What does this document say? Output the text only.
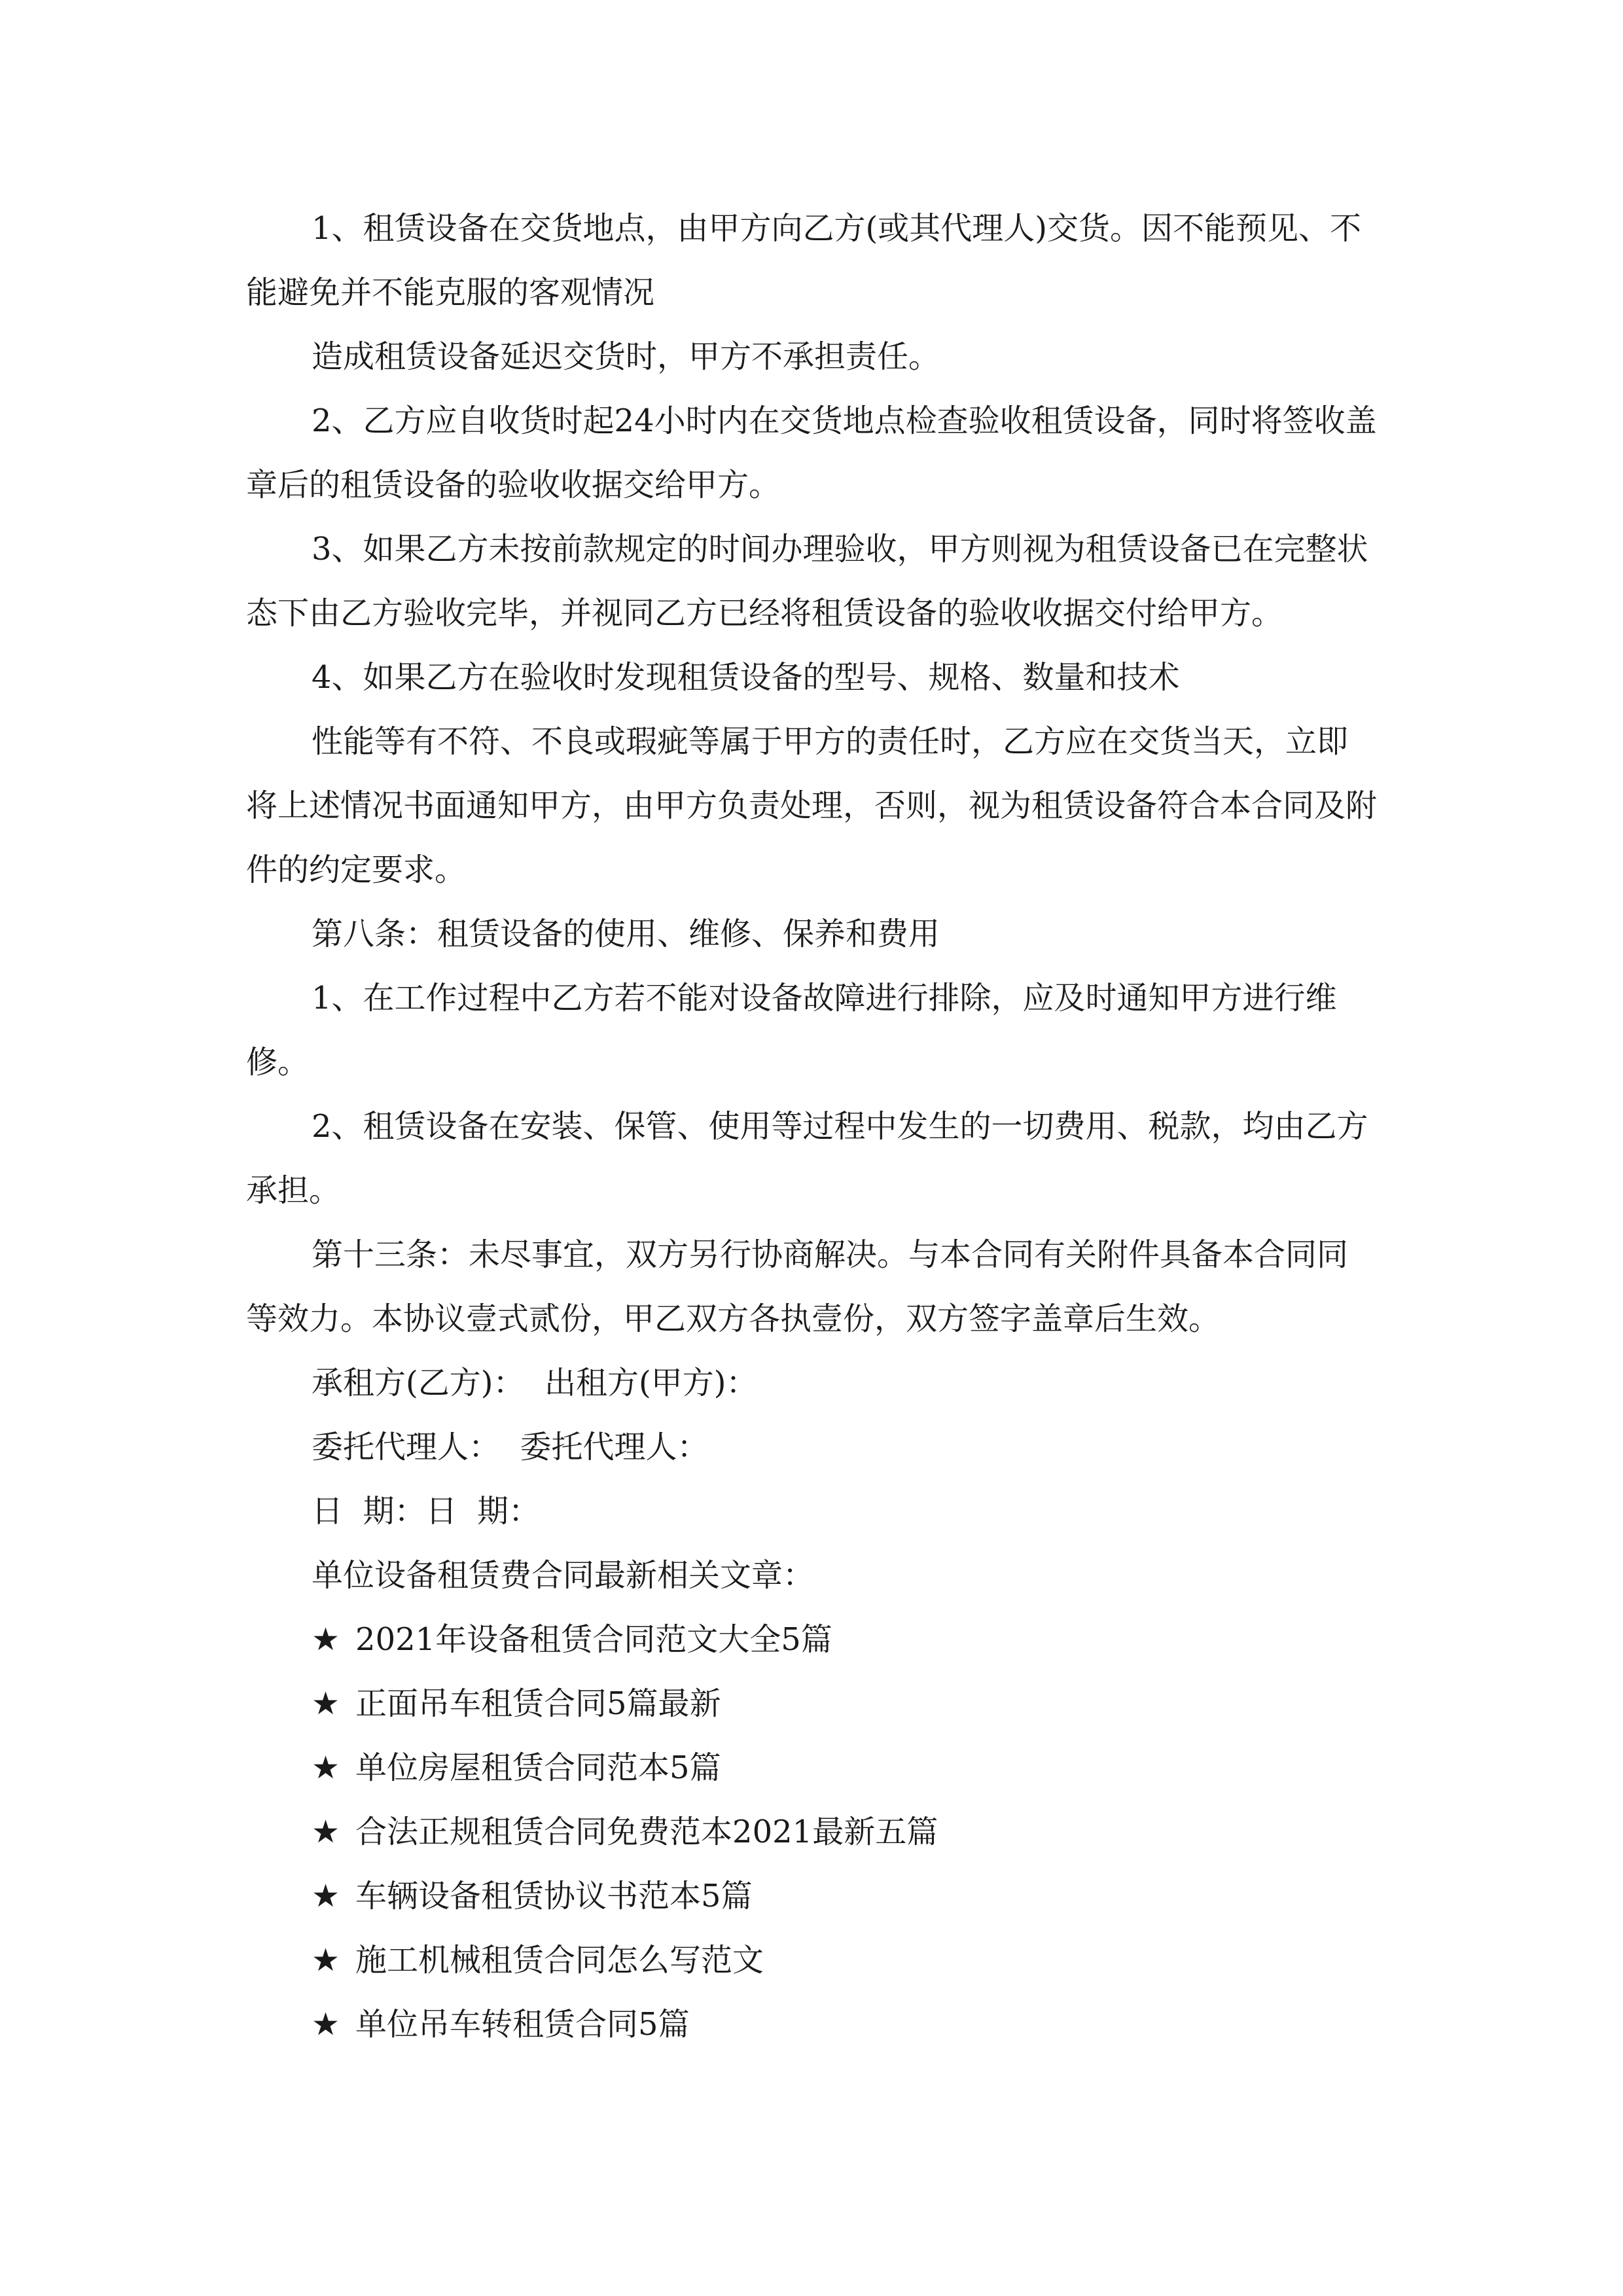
1、租赁设备在交货地点，由甲方向乙方(或其代理人)交货。因不能预见、不能避免并不能克服的客观情况

造成租赁设备延迟交货时，甲方不承担责任。

2、乙方应自收货时起24小时内在交货地点检查验收租赁设备，同时将签收盖章后的租赁设备的验收收据交给甲方。

3、如果乙方未按前款规定的时间办理验收，甲方则视为租赁设备已在完整状态下由乙方验收完毕，并视同乙方已经将租赁设备的验收收据交付给甲方。

4、如果乙方在验收时发现租赁设备的型号、规格、数量和技术

性能等有不符、不良或瑕疵等属于甲方的责任时，乙方应在交货当天，立即将上述情况书面通知甲方，由甲方负责处理，否则，视为租赁设备符合本合同及附件的约定要求。

第八条：租赁设备的使用、维修、保养和费用

1、在工作过程中乙方若不能对设备故障进行排除，应及时通知甲方进行维修。

2、租赁设备在安装、保管、使用等过程中发生的一切费用、税款，均由乙方承担。

第十三条：未尽事宜，双方另行协商解决。与本合同有关附件具备本合同同等效力。本协议壹式贰份，甲乙双方各执壹份，双方签字盖章后生效。

承租方(乙方)：  出租方(甲方)：

委托代理人：  委托代理人：

日  期：日  期：

单位设备租赁费合同最新相关文章：

★ 2021年设备租赁合同范文大全5篇
★ 正面吊车租赁合同5篇最新
★ 单位房屋租赁合同范本5篇
★ 合法正规租赁合同免费范本2021最新五篇
★ 车辆设备租赁协议书范本5篇
★ 施工机械租赁合同怎么写范文
★ 单位吊车转租赁合同5篇
